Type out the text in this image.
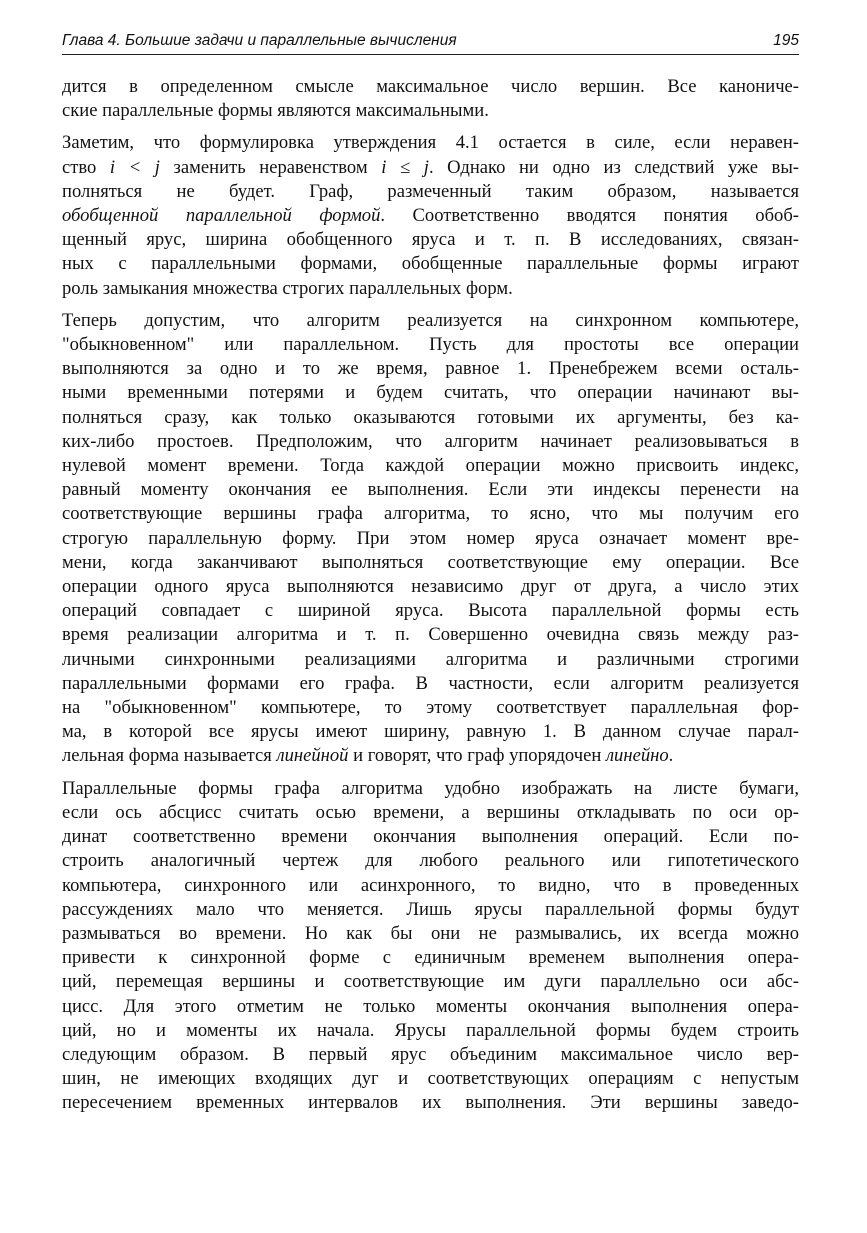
Глава 4. Большие задачи и параллельные вычисления	195
дится в определенном смысле максимальное число вершин. Все канониче-
ские параллельные формы являются максимальными.
Заметим, что формулировка утверждения 4.1 остается в силе, если неравен-
ство i < j заменить неравенством i ≤ j. Однако ни одно из следствий уже вы-
полняться не будет. Граф, размеченный таким образом, называется
обобщенной параллельной формой. Соответственно вводятся понятия обоб-
щенный ярус, ширина обобщенного яруса и т. п. В исследованиях, связан-
ных с параллельными формами, обобщенные параллельные формы играют
роль замыкания множества строгих параллельных форм.
Теперь допустим, что алгоритм реализуется на синхронном компьютере,
"обыкновенном" или параллельном. Пусть для простоты все операции
выполняются за одно и то же время, равное 1. Пренебрежем всеми осталь-
ными временными потерями и будем считать, что операции начинают вы-
полняться сразу, как только оказываются готовыми их аргументы, без ка-
ких-либо простоев. Предположим, что алгоритм начинает реализовываться в
нулевой момент времени. Тогда каждой операции можно присвоить индекс,
равный моменту окончания ее выполнения. Если эти индексы перенести на
соответствующие вершины графа алгоритма, то ясно, что мы получим его
строгую параллельную форму. При этом номер яруса означает момент вре-
мени, когда заканчивают выполняться соответствующие ему операции. Все
операции одного яруса выполняются независимо друг от друга, а число этих
операций совпадает с шириной яруса. Высота параллельной формы есть
время реализации алгоритма и т. п. Совершенно очевидна связь между раз-
личными синхронными реализациями алгоритма и различными строгими
параллельными формами его графа. В частности, если алгоритм реализуется
на "обыкновенном" компьютере, то этому соответствует параллельная фор-
ма, в которой все ярусы имеют ширину, равную 1. В данном случае парал-
лельная форма называется линейной и говорят, что граф упорядочен линейно.
Параллельные формы графа алгоритма удобно изображать на листе бумаги,
если ось абсцисс считать осью времени, а вершины откладывать по оси ор-
динат соответственно времени окончания выполнения операций. Если по-
строить аналогичный чертеж для любого реального или гипотетического
компьютера, синхронного или асинхронного, то видно, что в проведенных
рассуждениях мало что меняется. Лишь ярусы параллельной формы будут
размываться во времени. Но как бы они не размывались, их всегда можно
привести к синхронной форме с единичным временем выполнения опера-
ций, перемещая вершины и соответствующие им дуги параллельно оси абс-
цисс. Для этого отметим не только моменты окончания выполнения опера-
ций, но и моменты их начала. Ярусы параллельной формы будем строить
следующим образом. В первый ярус объединим максимальное число вер-
шин, не имеющих входящих дуг и соответствующих операциям с непустым
пересечением временных интервалов их выполнения. Эти вершины заведо-
